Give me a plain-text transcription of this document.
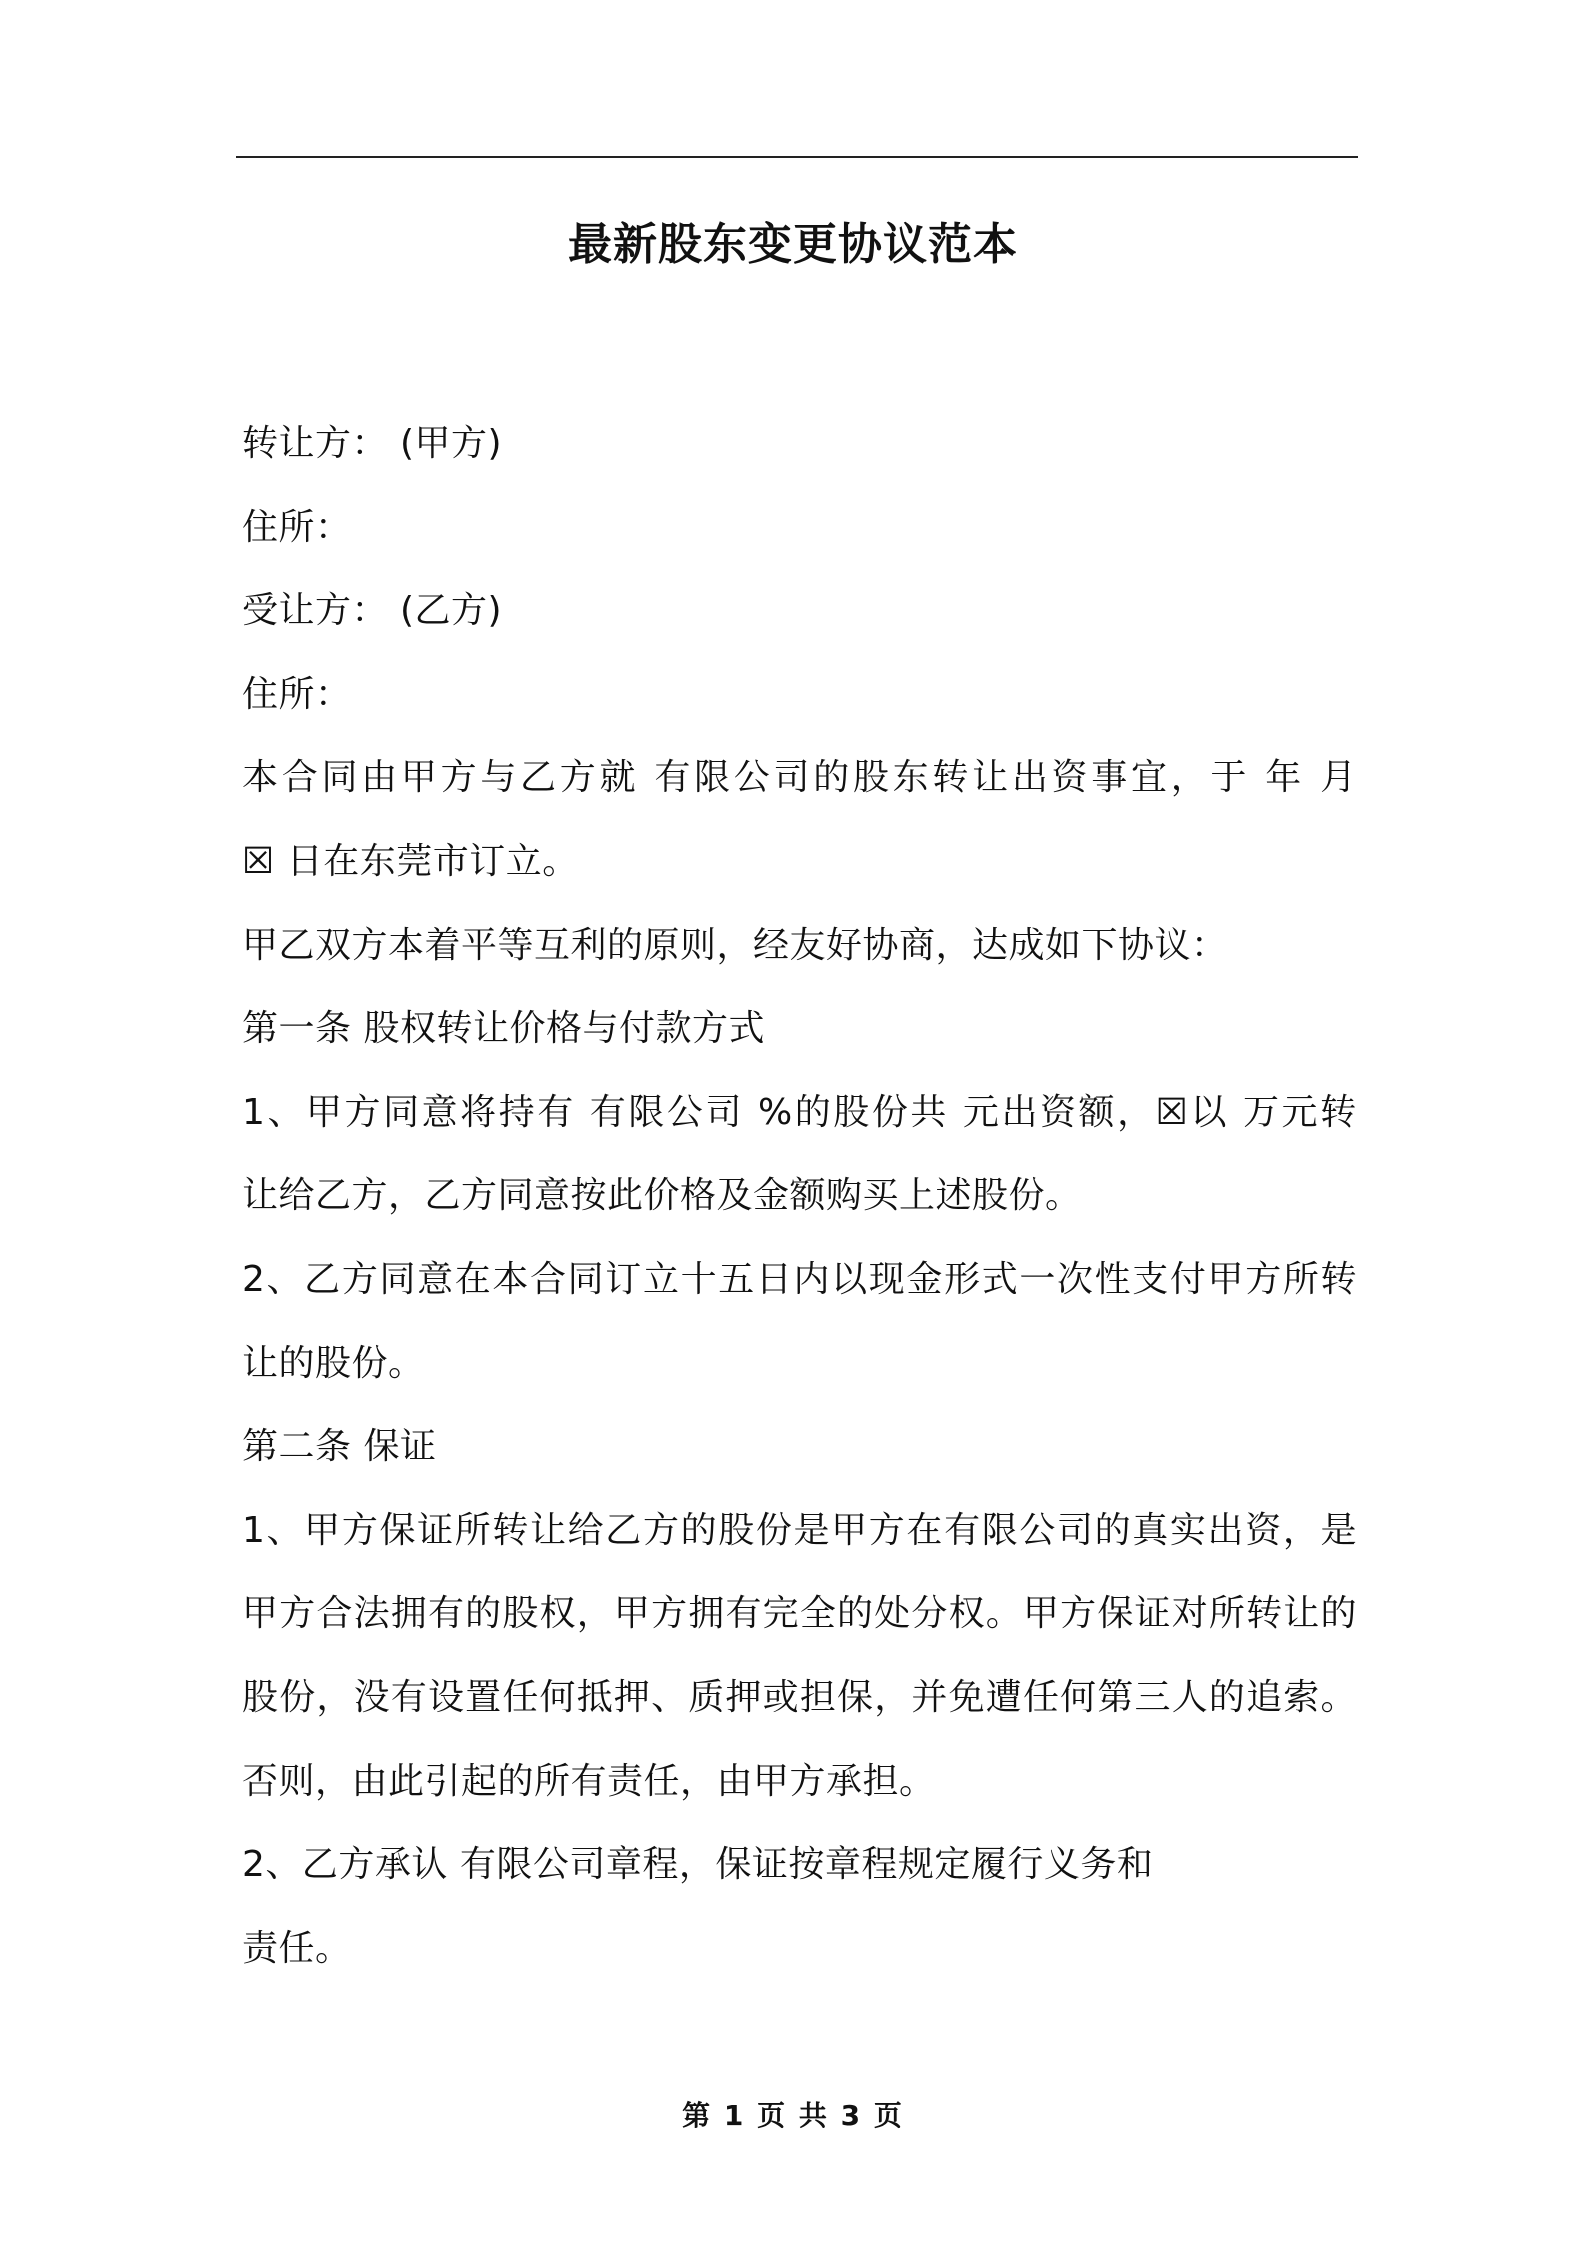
最新股东变更协议范本
转让方： (甲方)
住所：
受让方： (乙方)
住所：
本 合 同 由 甲 方 与 乙 方 就
有 限 公 司 的 股 东 转 让 出 资 事 宜 ， 于
年
月
☒ 日在东莞市订立。
甲乙双方本着平等互利的原则，经友好协商，达成如下协议：
第一条 股权转让价格与付款方式
1 、 甲 方 同 意 将 持 有
有 限 公 司
% 的 股 份 共
元 出 资 额 ， ☒ 以
万 元 转
让给乙方，乙方同意按此价格及金额购买上述股份。
2 、 乙 方 同 意 在 本 合 同 订 立 十 五 日 内 以 现 金 形 式 一 次 性 支 付 甲 方 所 转
让的股份。
第二条 保证
1 、 甲 方 保 证 所 转 让 给 乙 方 的 股 份 是 甲 方 在 有 限 公 司 的 真 实 出 资 ， 是
甲 方 合 法 拥 有 的 股 权 ， 甲 方 拥 有 完 全 的 处 分 权 。 甲 方 保 证 对 所 转 让 的
股 份 ， 没 有 设 置 任 何 抵 押 、 质 押 或 担 保 ， 并 免 遭 任 何 第 三 人 的 追 索 。
否则，由此引起的所有责任，由甲方承担。
2、乙方承认 有限公司章程，保证按章程规定履行义务和
责任。
第 1 页 共 3 页
